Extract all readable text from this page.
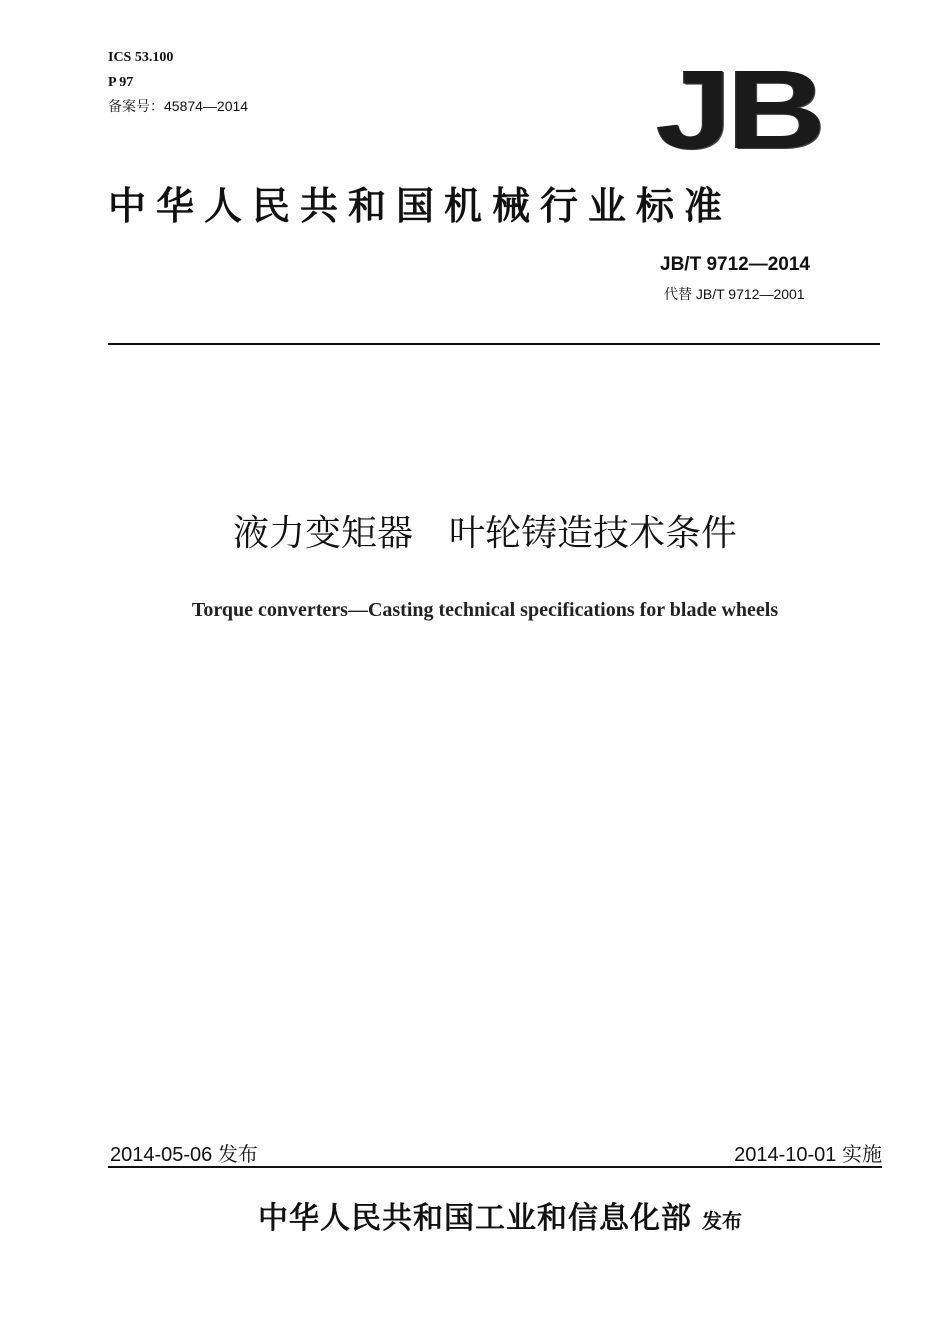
ICS 53.100
P 97
备案号：45874—2014	JB
中华人民共和国机械行业标准
JB/T 9712—2014
代替 JB/T 9712—2001
液力变矩器　叶轮铸造技术条件
Torque converters—Casting technical specifications for blade wheels
2014-05-06 发布	2014-10-01 实施
中华人民共和国工业和信息化部 发布
